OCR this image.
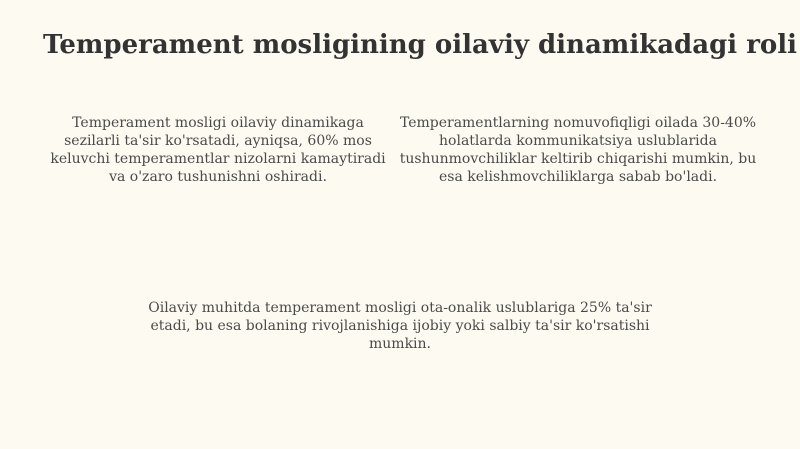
Temperament mosligining oilaviy dinamikadagi roli

Temperament mosligi oilaviy dinamikaga sezilarli ta'sir ko'rsatadi, ayniqsa, 60% mos keluvchi temperamentlar nizolarni kamaytiradi va o'zaro tushunishni oshiradi.

Temperamentlarning nomuvofiqligi oilada 30-40% holatlarda kommunikatsiya uslublarida tushunmovchiliklar keltirib chiqarishi mumkin, bu esa kelishmovchiliklarga sabab bo'ladi.

Oilaviy muhitda temperament mosligi ota-onalik uslublariga 25% ta'sir etadi, bu esa bolaning rivojlanishiga ijobiy yoki salbiy ta'sir ko'rsatishi mumkin.
